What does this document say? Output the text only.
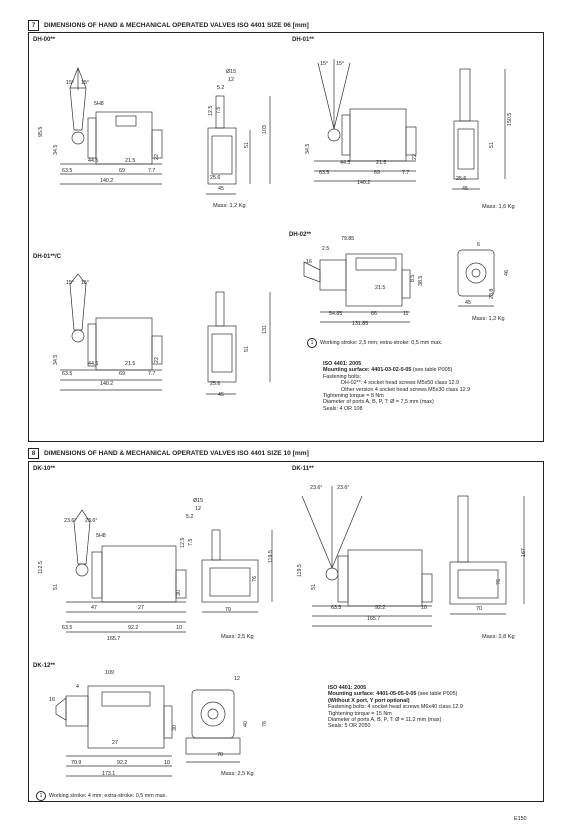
7	DIMENSIONS OF HAND & MECHANICAL OPERATED VALVES ISO 4401 SIZE 06 [mm]
DH-00**
15° 15°
5H8
95.5
34.5
44.5	21.5
22
63.5	69	7.7
140.2
Ø15
12
5.2
12.5 7.5
103
51
25.6
45
Mass: 1,2 Kg
DH-01**
15° 15°
34.5
44.5	21.5
22
63.5	69	7.7
140.2
150.5
51
25.6
45
Mass: 1,6 Kg
DH-01**/C
15° 15°
34.5	44.5	21.5
22
63.5	69	7.7
140.2
131
51
25.6
45
DH-02**
79.85
2.5
16
8.5 38.5
21.5
54.85	66	11
131.85
6
46
23.8
45
Mass: 1,2 Kg
1 Working stroke: 2,5 mm; extra-stroke: 0,5 mm max.
ISO 4401: 2005
Mounting surface: 4401-03-02-0-05 (see table P005)
Fastening bolts:
DH-02**: 4 socket head screws M5x50 class 12.9
Other version 4 socket head screws M5x30 class 12.9
Tightening torque = 8 Nm
Diameter of ports A, B, P, T: Ø = 7,5 mm (max)
Seals: 4 OR 108
8	DIMENSIONS OF HAND & MECHANICAL OPERATED VALVES ISO 4401 SIZE 10 [mm]
DK-10**
23.6° 23.6°
5H8
112.5
51
47	27
30
63.5	92.2	10
165.7
Ø15
12
5.2
12.5 7.5
119.5
76
70
Mass: 2,5 Kg
DK-11**
23.6°	23.6°
51
119.5
63.5	92.2	10
165.7
167
76
70
Mass: 2,8 Kg
DK-12**
109
4
16
30
27
70.9	92.2	10
173.1
12
40 76
70
Mass: 2,5 Kg
1 Working stroke: 4 mm; extra-stroke: 0,5 mm max.
ISO 4401: 2005
Mounting surface: 4401-05-05-0-05 (see table P005)
(Without X port, Y port optional)
Fastening bolts: 4 socket head screws M6x40 class 12.9
Tightening torque = 15 Nm
Diameter of ports A, B, P, T: Ø = 11,2 mm (max)
Seals: 5 OR 2050
E150
